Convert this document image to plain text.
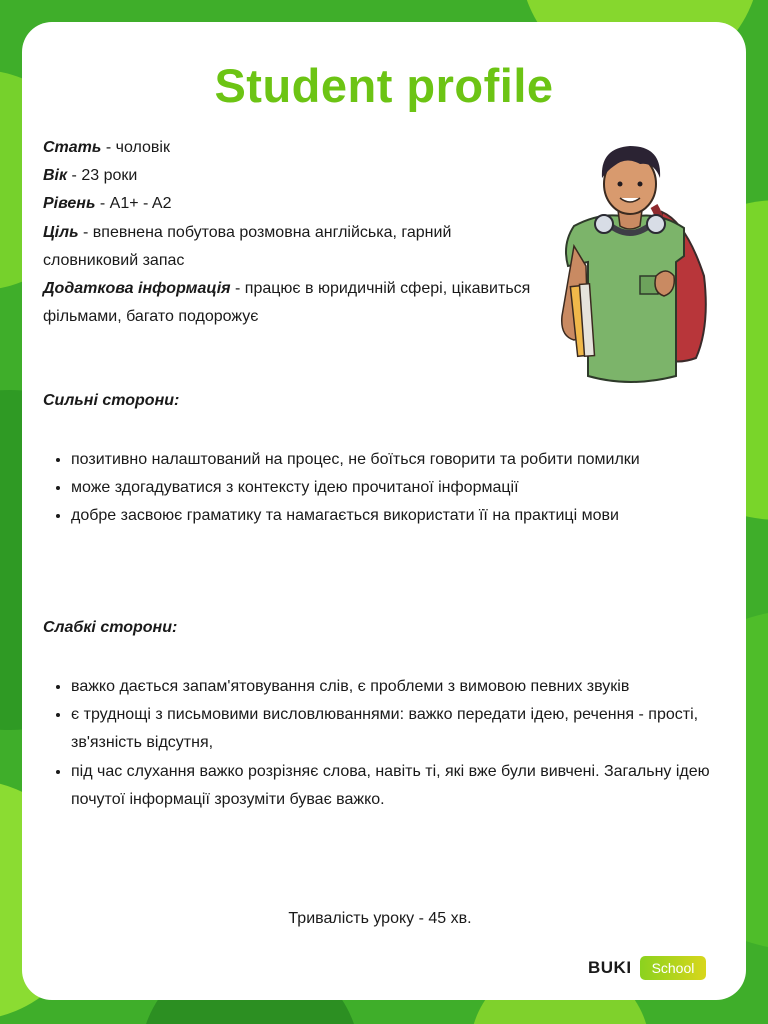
Student profile

Стать - чоловік

Вік - 23 роки

Рівень - A1+ - A2

Ціль - впевнена побутова розмовна англійська, гарний словниковий запас

Додаткова інформація - працює в юридичній сфері, цікавиться фільмами, багато подорожує

Сильні сторони:
• позитивно налаштований на процес, не боїться говорити та робити помилки
• може здогадуватися з контексту ідею прочитаної інформації
• добре засвоює граматику та намагається використати її на практиці мови
Слабкі сторони:
• важко дається запам'ятовування слів, є проблеми з вимовою певних звуків
• є труднощі з письмовими висловлюваннями: важко передати ідею, речення - прості, зв'язність відсутня,
• під час слухання важко розрізняє слова, навіть ті, які вже були вивчені. Загальну ідею почутої інформації зрозуміти буває важко.
Тривалість уроку - 45 хв.
BUKI	School
